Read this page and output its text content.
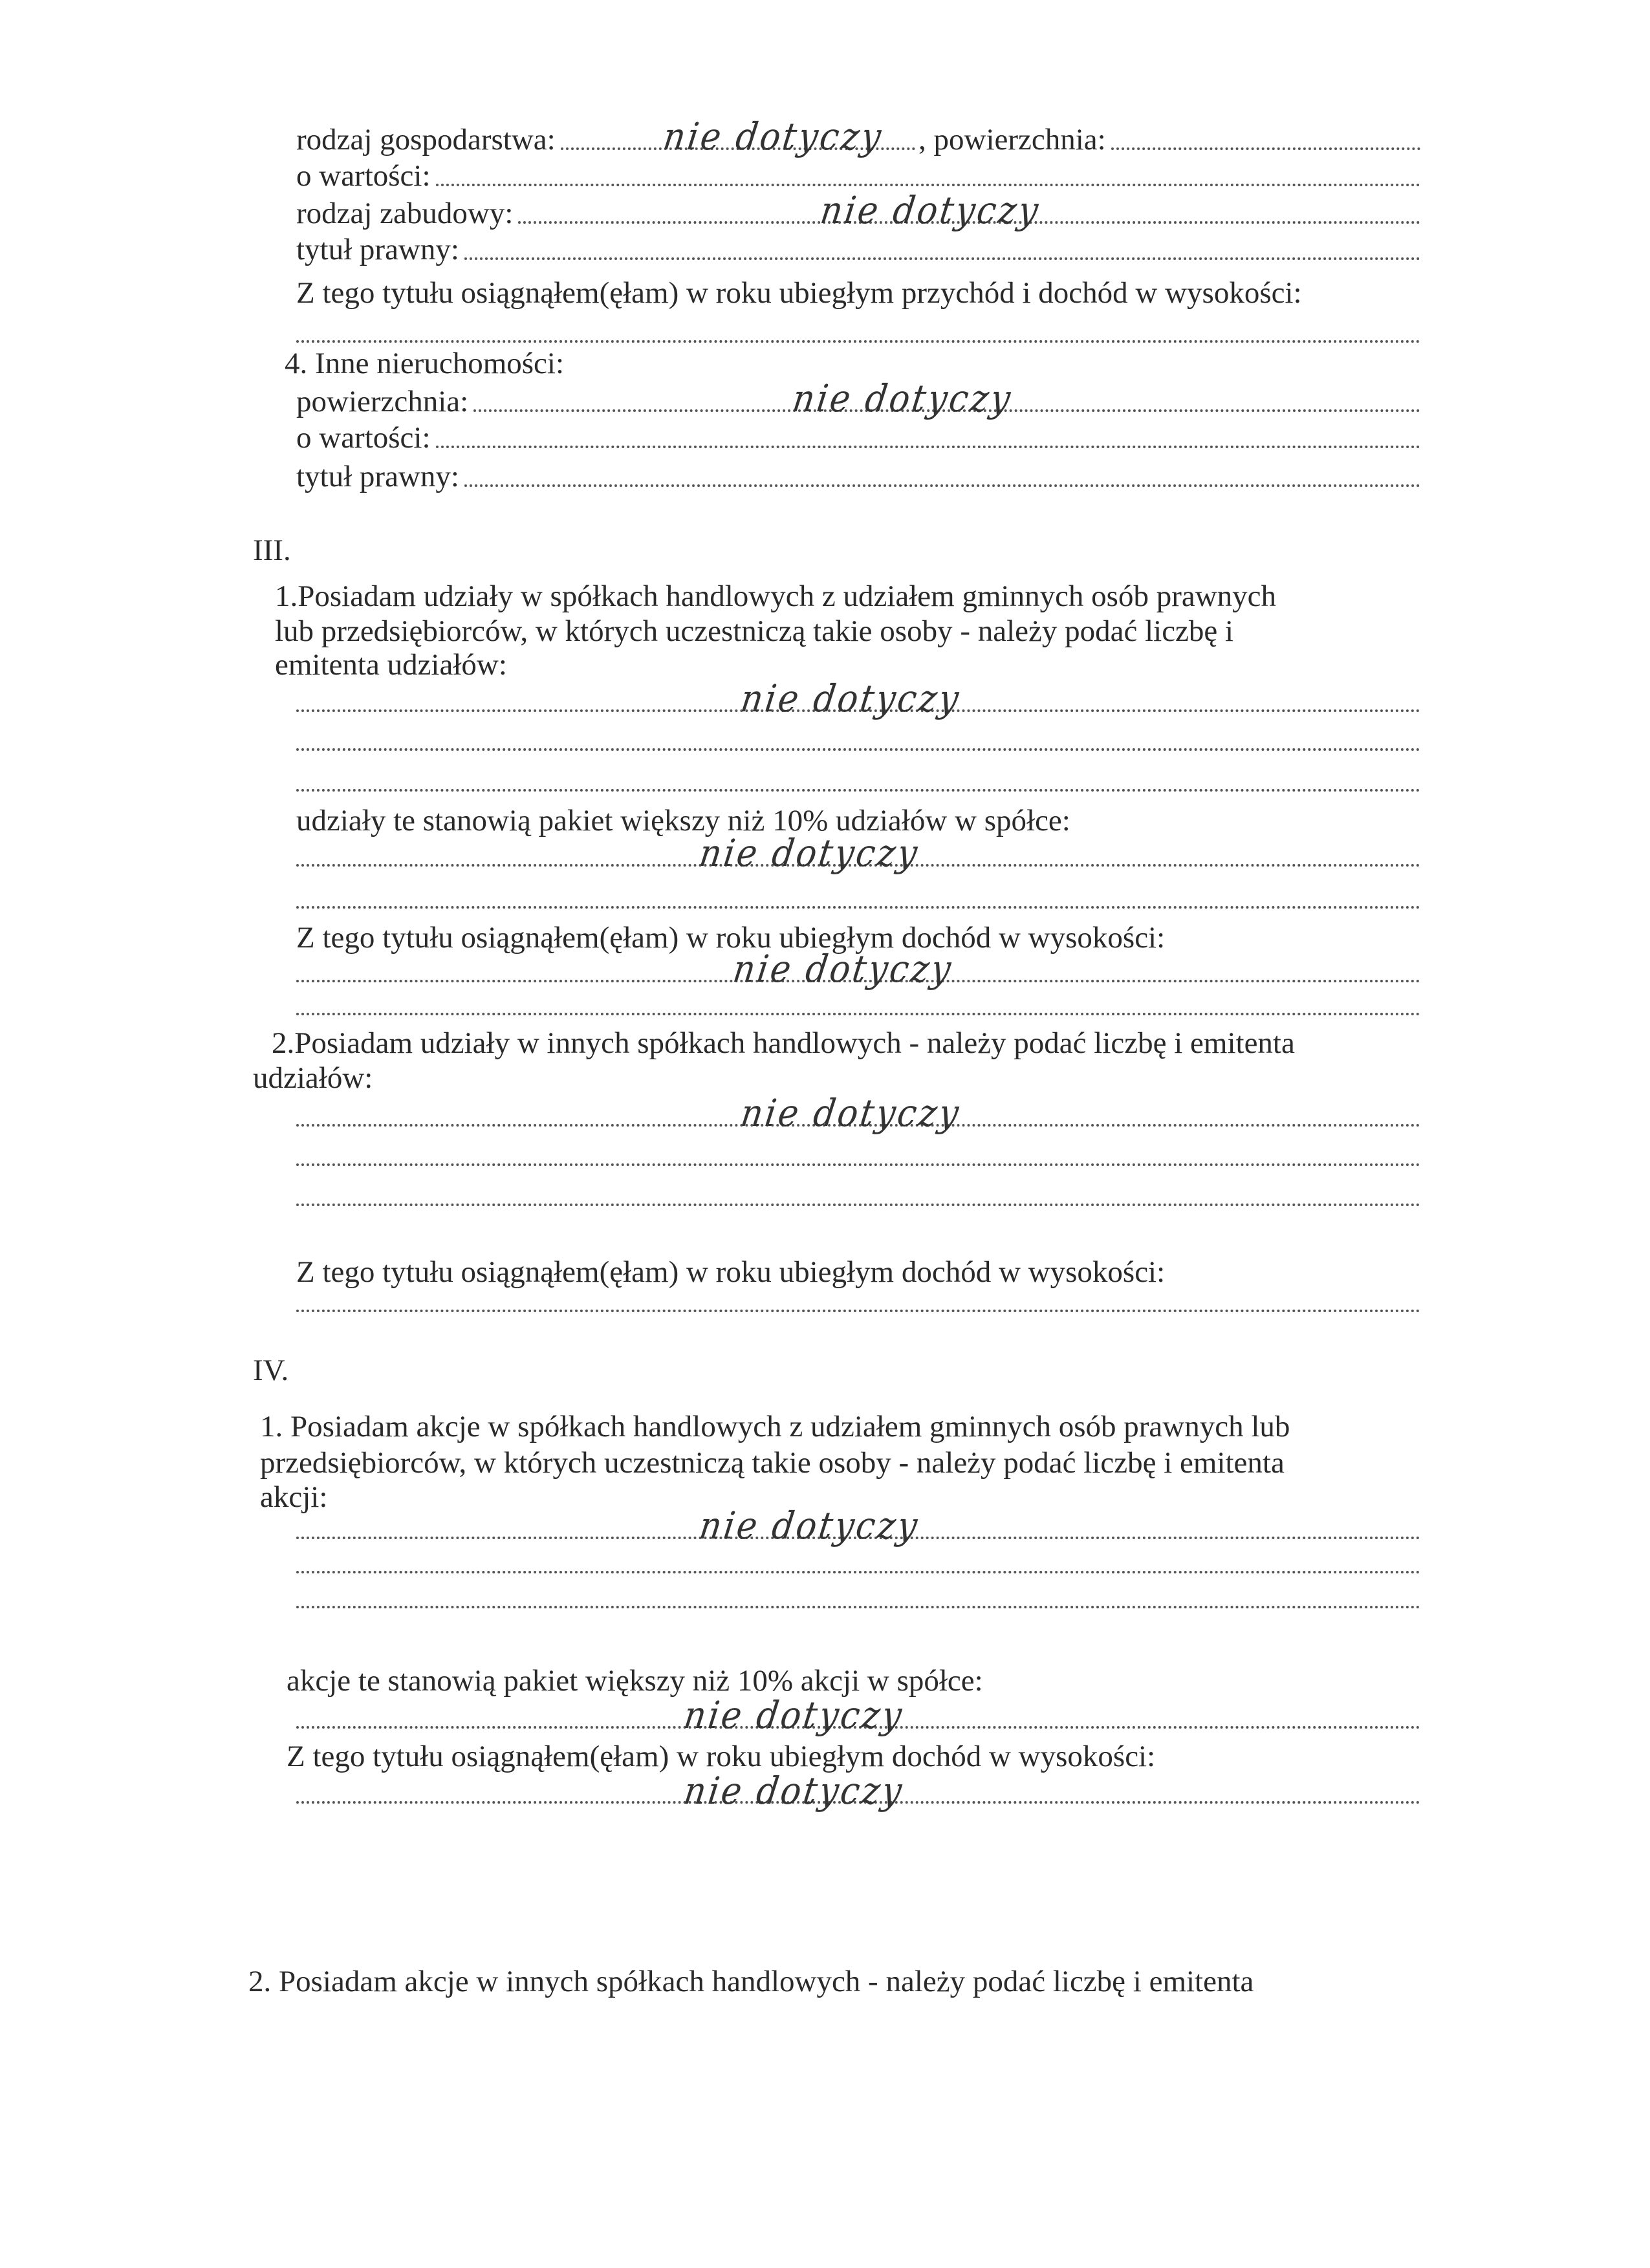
rodzaj gospodarstwa:	, powierzchnia:
o wartości:
rodzaj zabudowy:
tytuł prawny:
Z tego tytułu osiągnąłem(ęłam) w roku ubiegłym przychód i dochód w wysokości:
4. Inne nieruchomości:
powierzchnia:
o wartości:
tytuł prawny:
III.
1.Posiadam udziały w spółkach handlowych z udziałem gminnych osób prawnych
lub przedsiębiorców, w których uczestniczą takie osoby - należy podać liczbę i
emitenta udziałów:
udziały te stanowią pakiet większy niż 10% udziałów w spółce:
Z tego tytułu osiągnąłem(ęłam) w roku ubiegłym dochód w wysokości:
2.Posiadam udziały w innych spółkach handlowych - należy podać liczbę i emitenta
udziałów:
Z tego tytułu osiągnąłem(ęłam) w roku ubiegłym dochód w wysokości:
IV.
1. Posiadam akcje w spółkach handlowych z udziałem gminnych osób prawnych lub
przedsiębiorców, w których uczestniczą takie osoby - należy podać liczbę i emitenta
akcji:
akcje te stanowią pakiet większy niż 10% akcji w spółce:
Z tego tytułu osiągnąłem(ęłam) w roku ubiegłym dochód w wysokości:
2. Posiadam akcje w innych spółkach handlowych - należy podać liczbę i emitenta
nie dotyczy
nie dotyczy
nie dotyczy
nie dotyczy
nie dotyczy
nie dotyczy
nie dotyczy
nie dotyczy
nie dotyczy
nie dotyczy
